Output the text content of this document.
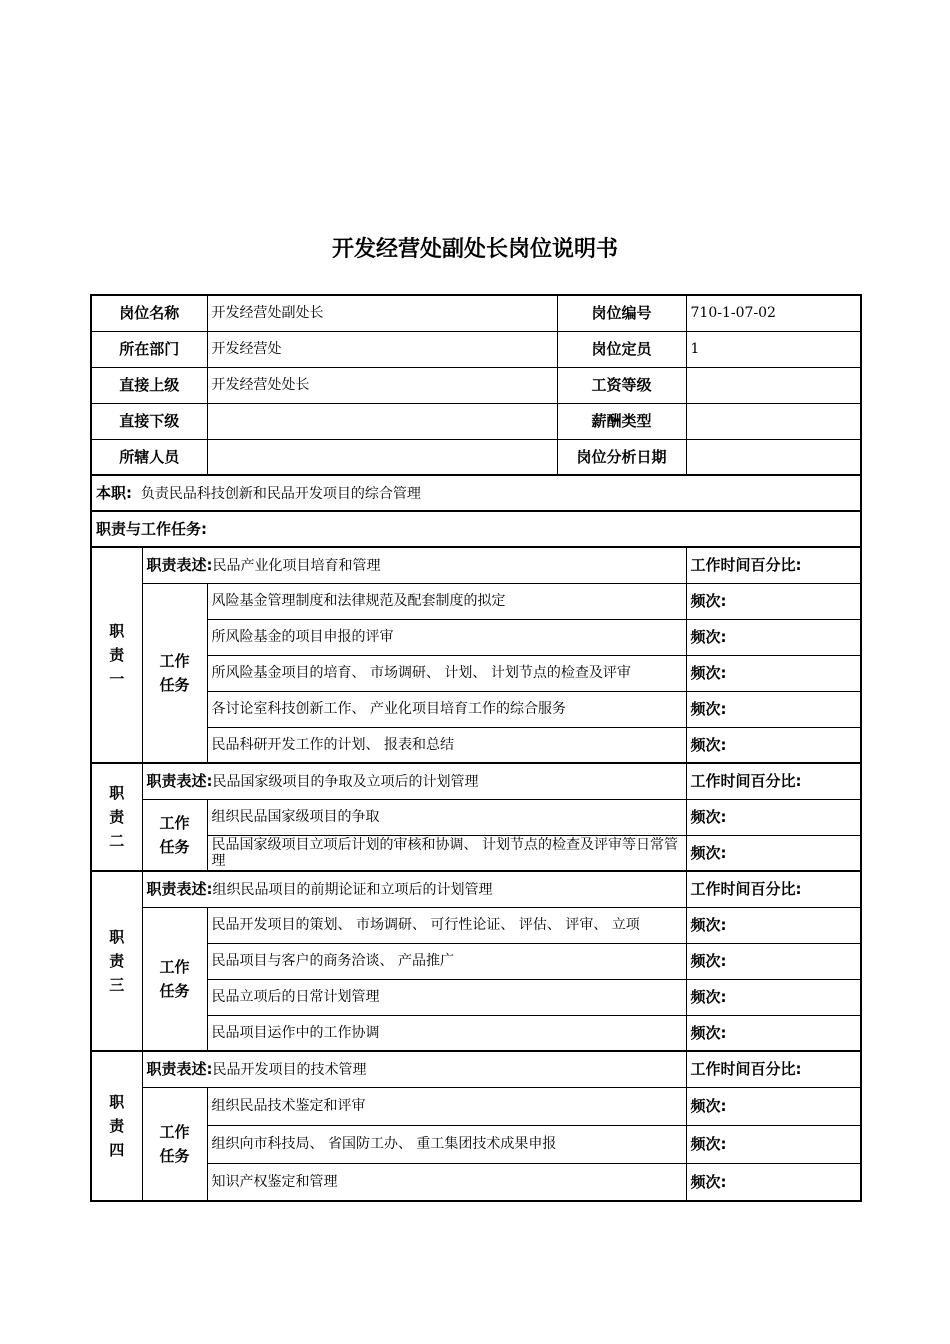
开发经营处副处长岗位说明书
岗位名称		开发经营处副处长	岗位编号	710-1-07-02
所在部门		开发经营处	岗位定员	1
直接上级		开发经营处处长	工资等级	
直接下级			薪酬类型	
所辖人员			岗位分析日期	
本职: 负责民品科技创新和民品开发项目的综合管理				
职责与工作任务:				
职
责
一	职责表述:民品产业化项目培育和管理			工作时间百分比:
	工作
任务	风险基金管理制度和法律规范及配套制度的拟定		频次:
		所风险基金的项目申报的评审		频次:
		所风险基金项目的培育、 市场调研、 计划、 计划节点的检查及评审		频次:
		各讨论室科技创新工作、 产业化项目培育工作的综合服务		频次:
		民品科研开发工作的计划、 报表和总结		频次:
职
责
二	职责表述:民品国家级项目的争取及立项后的计划管理			工作时间百分比:
	工作
任务	组织民品国家级项目的争取		频次:
		民品国家级项目立项后计划的审核和协调、 计划节点的检查及评审等日常管理		频次:
职
责
三	职责表述:组织民品项目的前期论证和立项后的计划管理			工作时间百分比:
	工作
任务	民品开发项目的策划、 市场调研、 可行性论证、 评估、 评审、 立项		频次:
		民品项目与客户的商务洽谈、 产品推广		频次:
		民品立项后的日常计划管理		频次:
		民品项目运作中的工作协调		频次:
职
责
四	职责表述:民品开发项目的技术管理			工作时间百分比:
	工作
任务	组织民品技术鉴定和评审		频次:
		组织向市科技局、 省国防工办、 重工集团技术成果申报		频次:
		知识产权鉴定和管理		频次:
